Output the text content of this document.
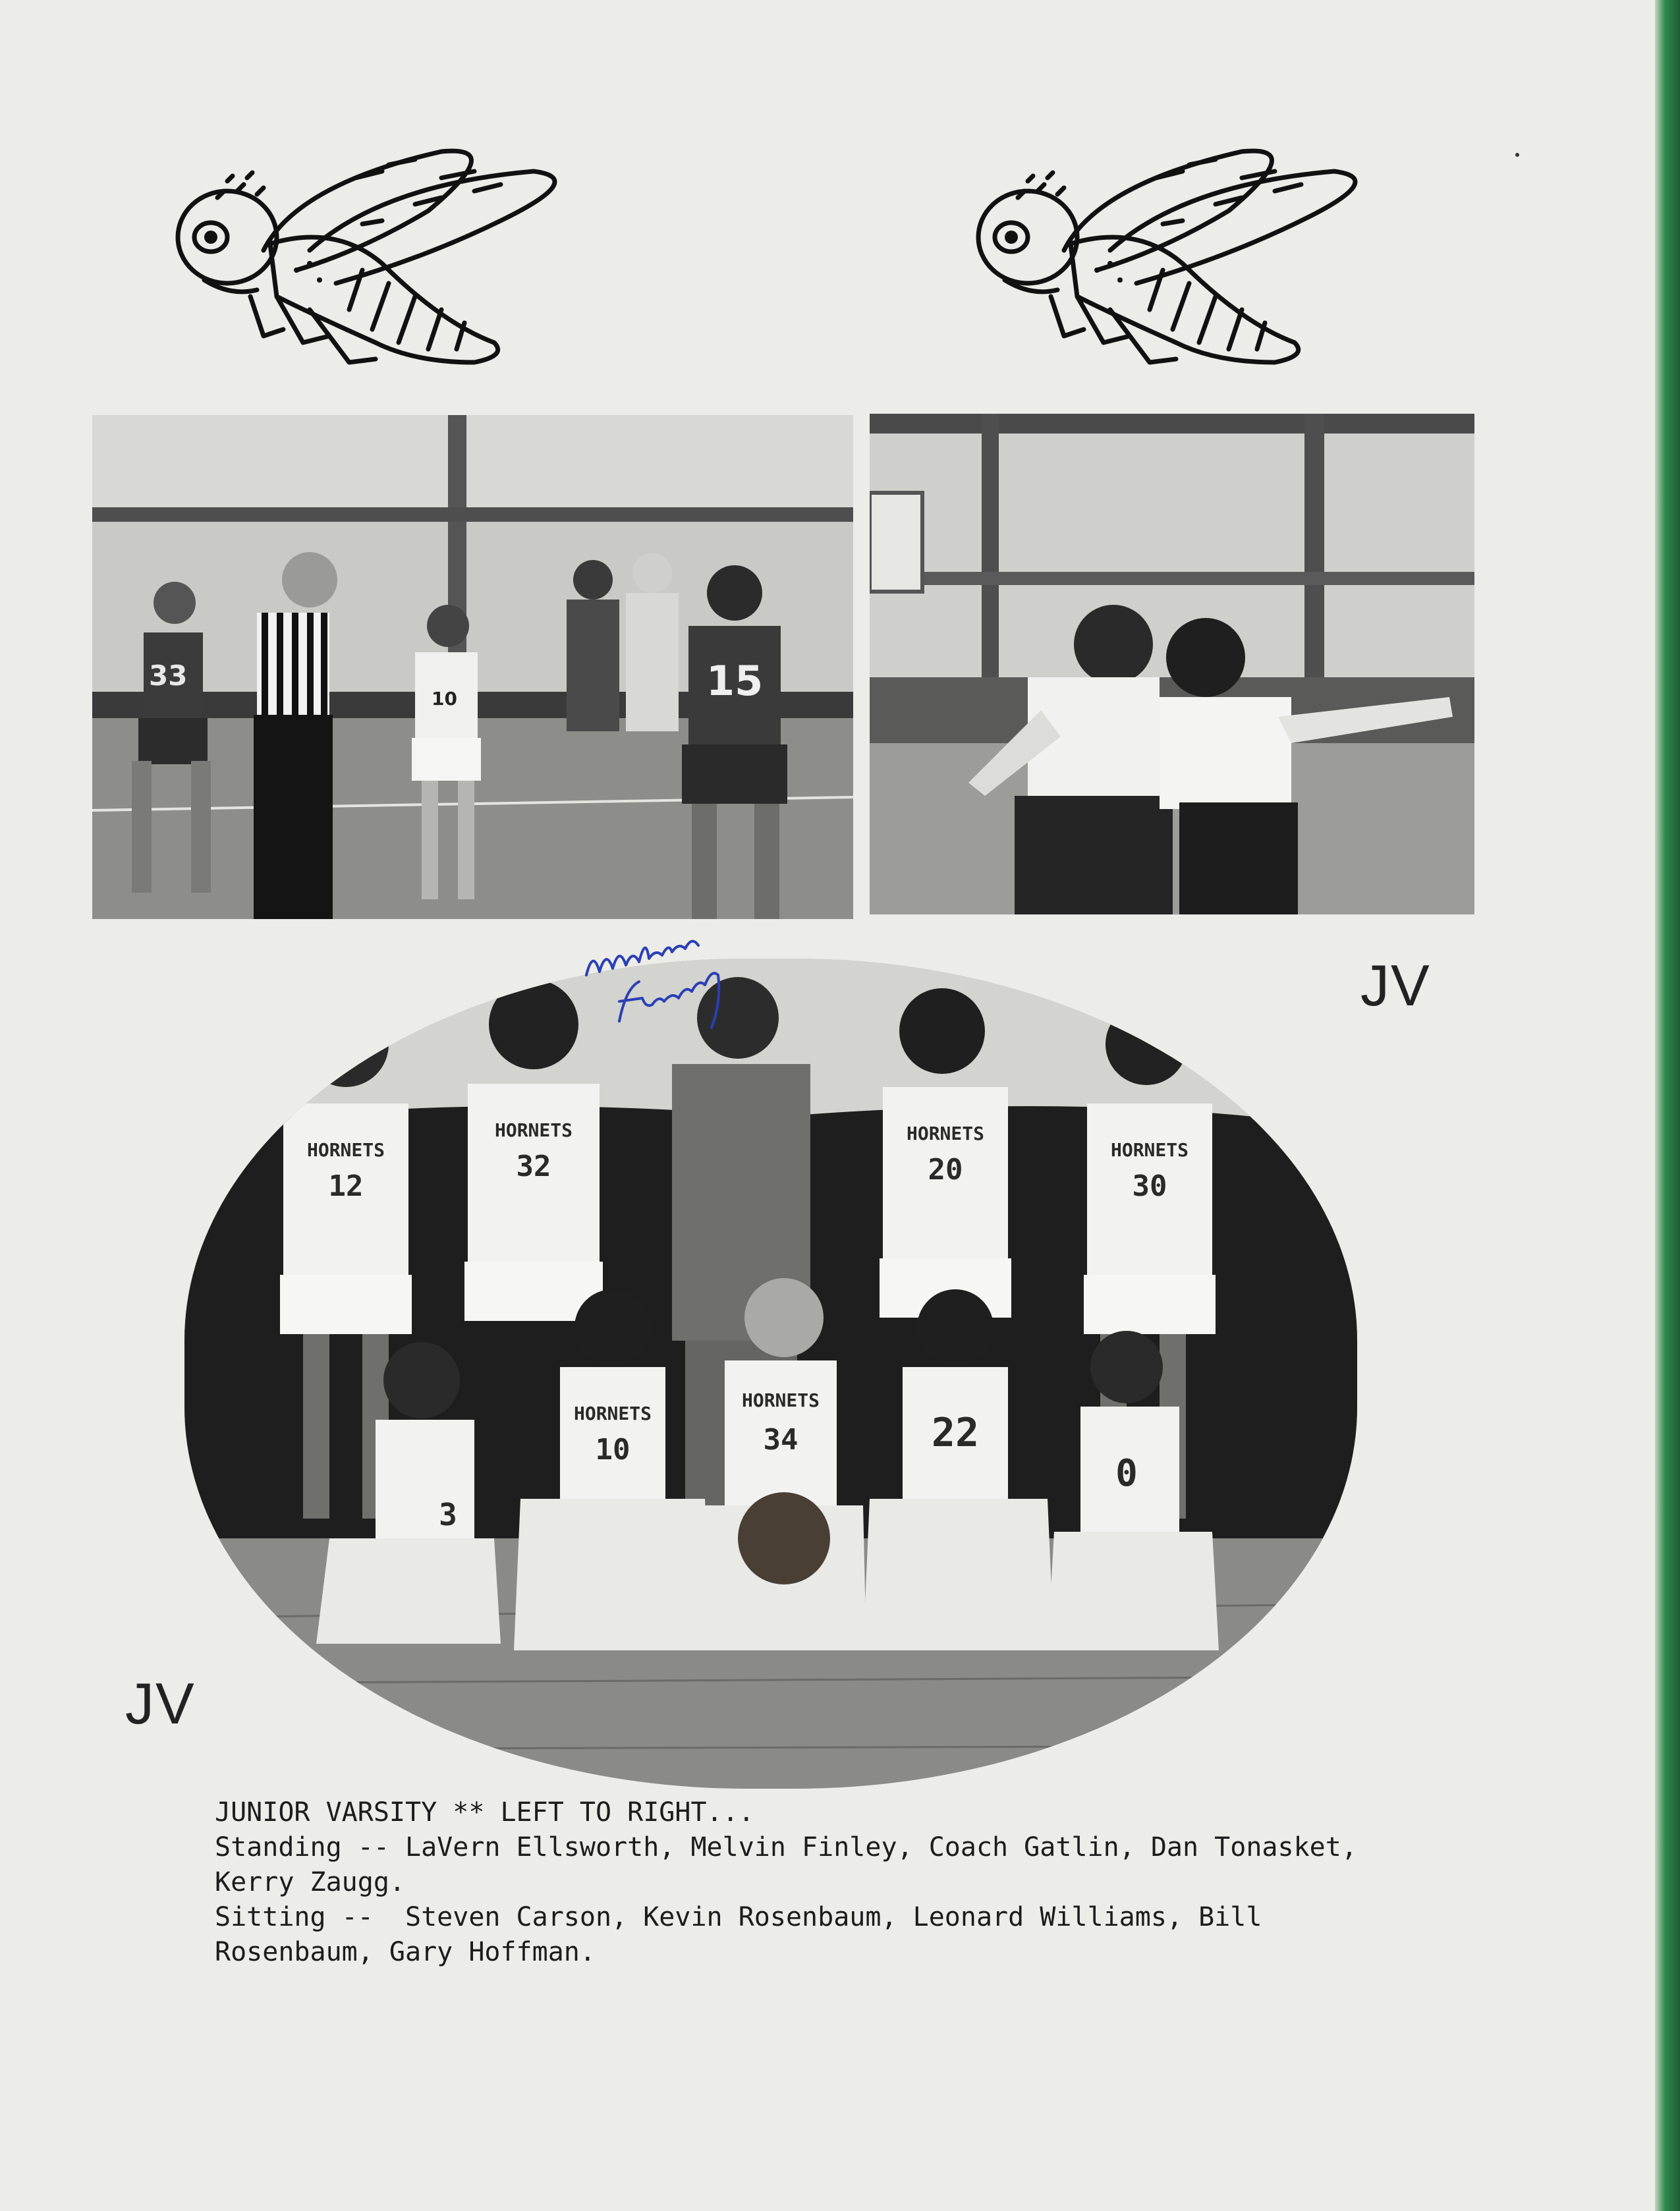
33
10	15
HORNETS
12
HORNETS
32
HORNETS
20
HORNETS
30
3
HORNETS
10
HORNETS
34	22
0
JV
JV

JUNIOR VARSITY ** LEFT TO RIGHT...

Standing -- LaVern Ellsworth, Melvin Finley, Coach Gatlin, Dan Tonasket,

Kerry Zaugg.

Sitting --  Steven Carson, Kevin Rosenbaum, Leonard Williams, Bill

Rosenbaum, Gary Hoffman.
